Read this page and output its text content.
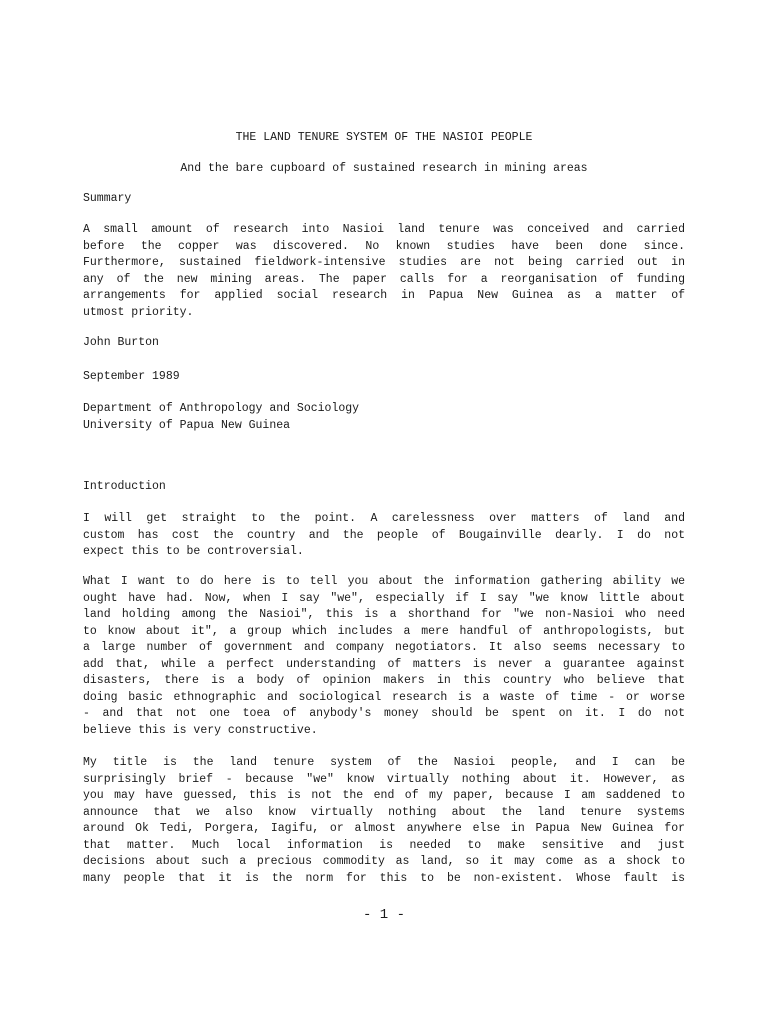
THE LAND TENURE SYSTEM OF THE NASIOI PEOPLE
And the bare cupboard of sustained research in mining areas
Summary
A small amount of research into Nasioi land tenure was conceived and carried
before the copper was discovered. No known studies have been done since.
Furthermore, sustained fieldwork-intensive studies are not being carried out in
any of the new mining areas. The paper calls for a reorganisation of funding
arrangements for applied social research in Papua New Guinea as a matter of
utmost priority.
John Burton
September 1989
Department of Anthropology and Sociology
University of Papua New Guinea
Introduction
I will get straight to the point. A carelessness over matters of land and
custom has cost the country and the people of Bougainville dearly. I do not
expect this to be controversial.
What I want to do here is to tell you about the information gathering ability we
ought have had. Now, when I say "we", especially if I say "we know little about
land holding among the Nasioi", this is a shorthand for "we non-Nasioi who need
to know about it", a group which includes a mere handful of anthropologists, but
a large number of government and company negotiators. It also seems necessary to
add that, while a perfect understanding of matters is never a guarantee against
disasters, there is a body of opinion makers in this country who believe that
doing basic ethnographic and sociological research is a waste of time - or worse
- and that not one toea of anybody's money should be spent on it. I do not
believe this is very constructive.
My title is the land tenure system of the Nasioi people, and I can be
surprisingly brief - because "we" know virtually nothing about it. However, as
you may have guessed, this is not the end of my paper, because I am saddened to
announce that we also know virtually nothing about the land tenure systems
around Ok Tedi, Porgera, Iagifu, or almost anywhere else in Papua New Guinea for
that matter. Much local information is needed to make sensitive and just
decisions about such a precious commodity as land, so it may come as a shock to
many people that it is the norm for this to be non-existent. Whose fault is
- 1 -
